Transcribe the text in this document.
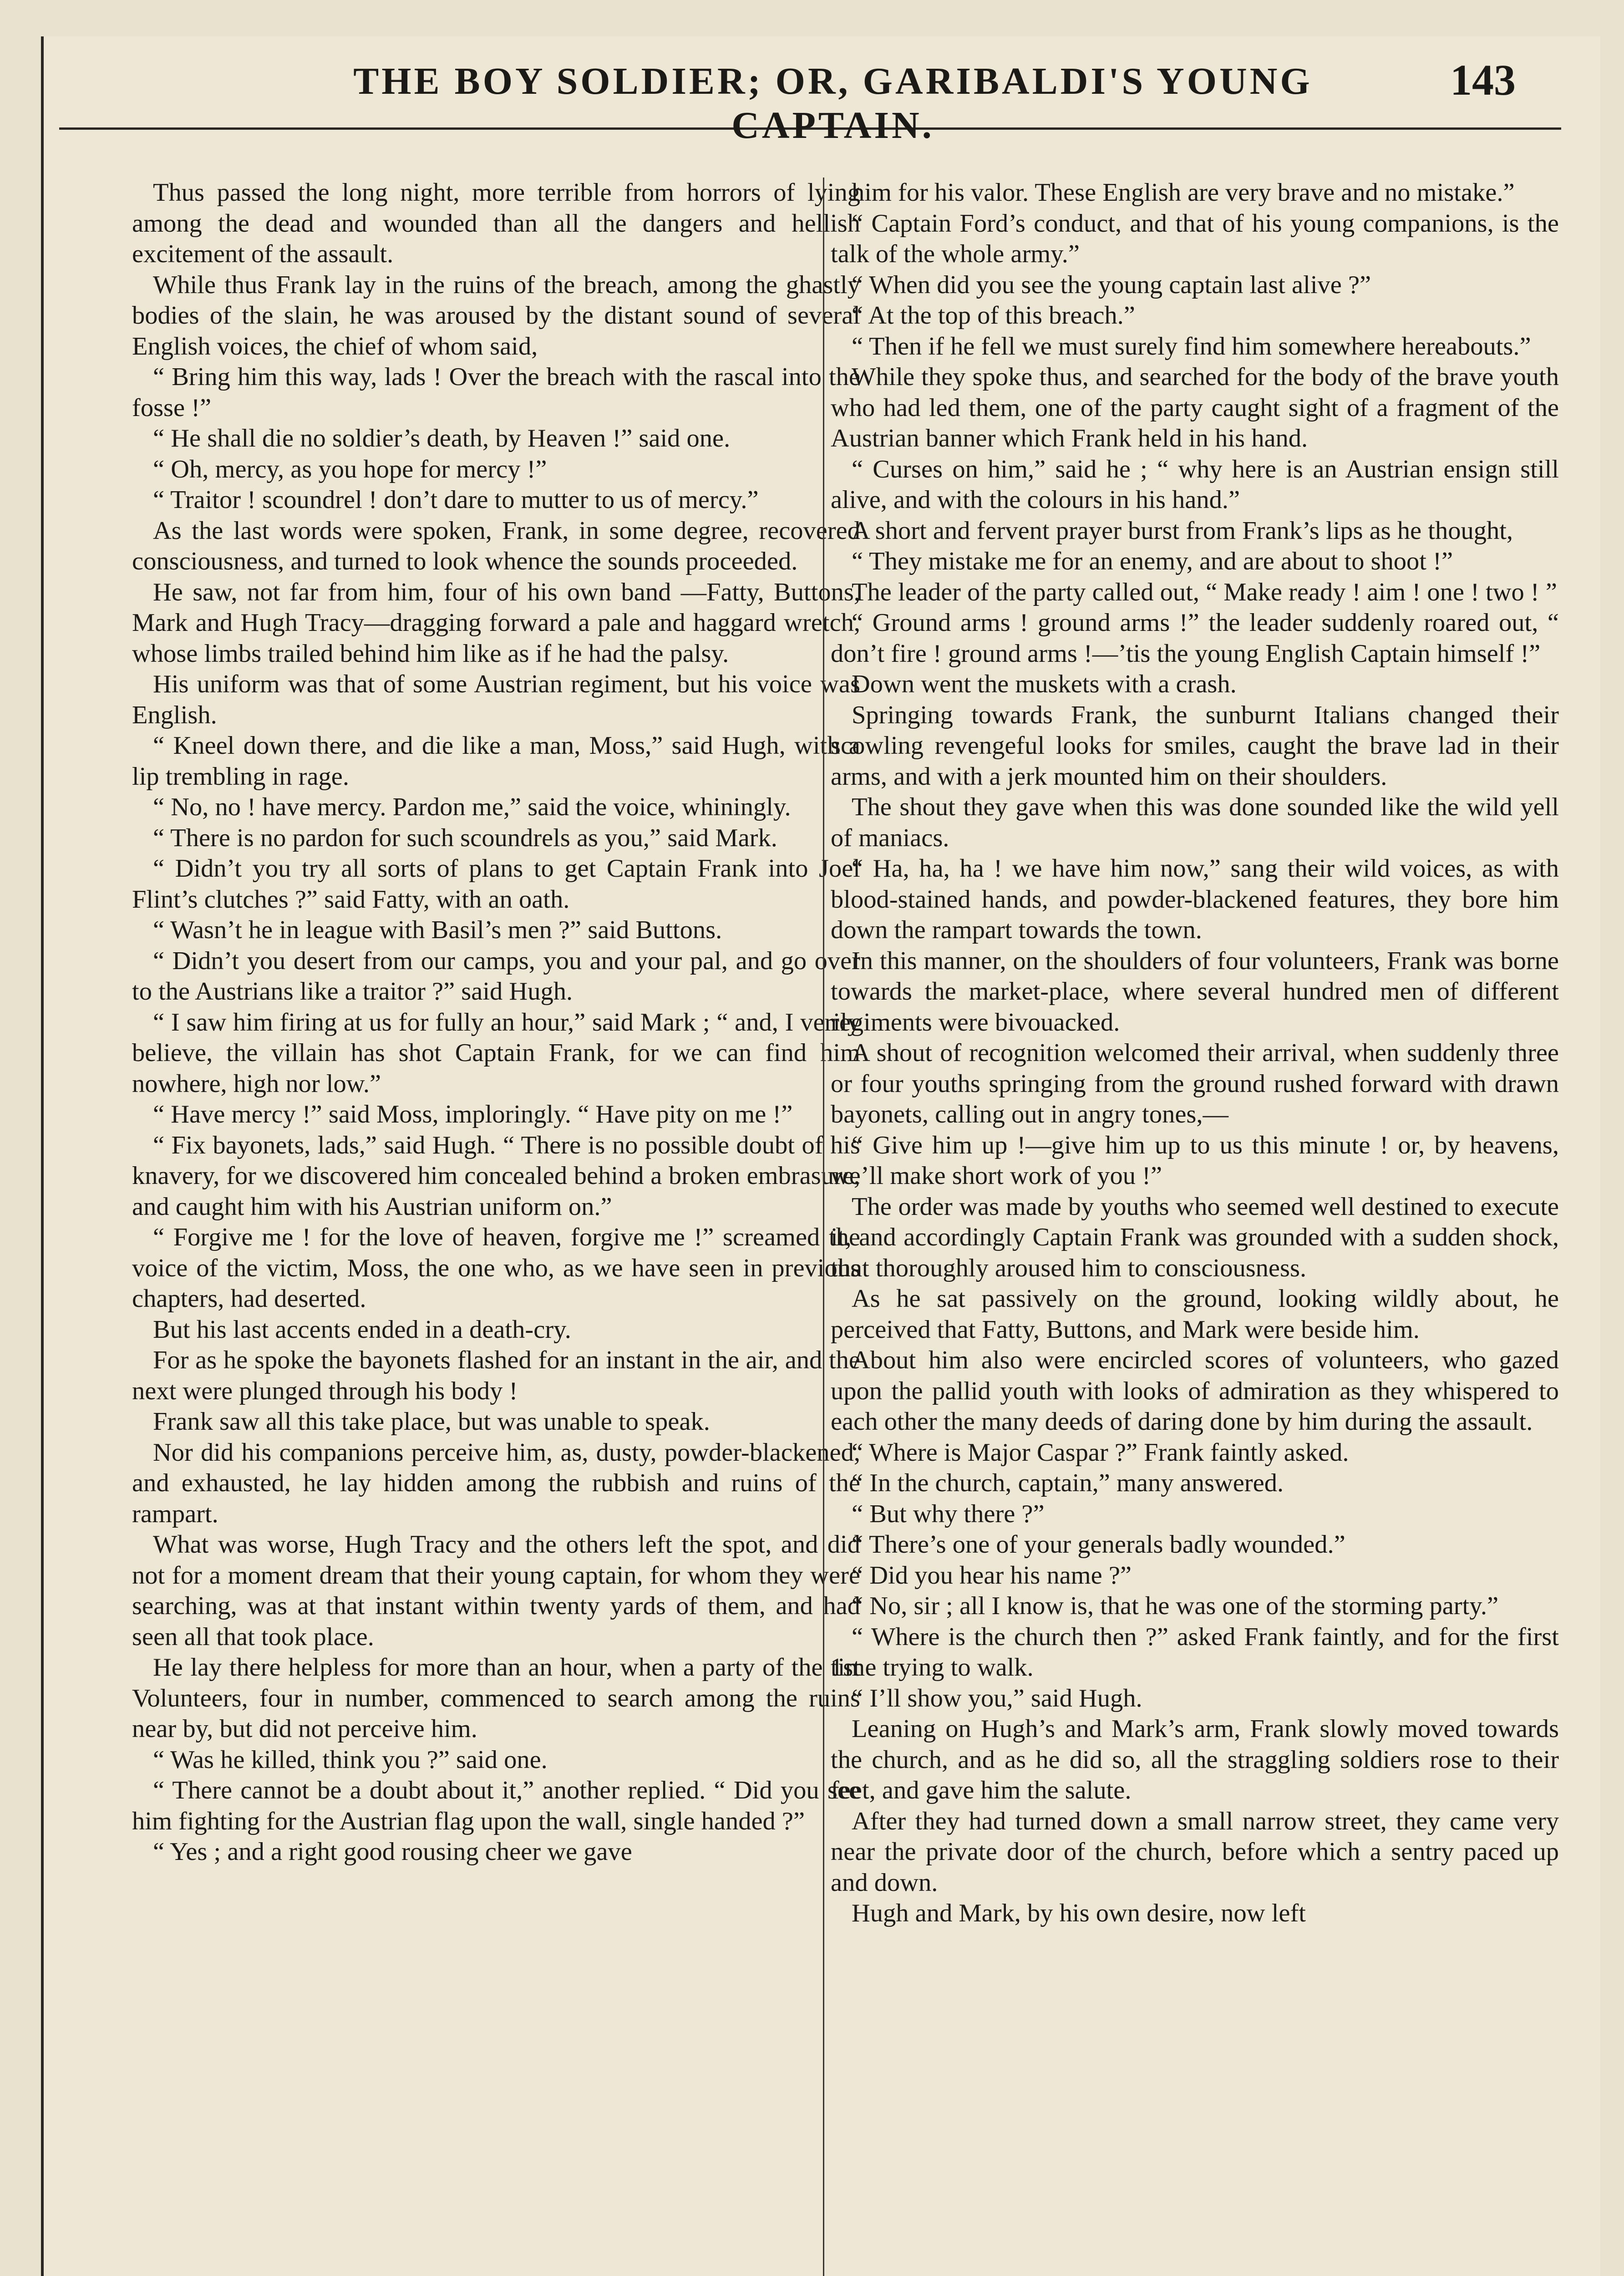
THE BOY SOLDIER; OR, GARIBALDI'S YOUNG CAPTAIN.
143

Thus passed the long night, more terrible from horrors of lying among the dead and wounded than all the dangers and hellish excitement of the assault.

While thus Frank lay in the ruins of the breach, among the ghastly bodies of the slain, he was aroused by the distant sound of several English voices, the chief of whom said,

“ Bring him this way, lads ! Over the breach with the rascal into the fosse !”

“ He shall die no soldier’s death, by Heaven !” said one.

“ Oh, mercy, as you hope for mercy !”

“ Traitor ! scoundrel ! don’t dare to mutter to us of mercy.”

As the last words were spoken, Frank, in some degree, recovered consciousness, and turned to look whence the sounds proceeded.

He saw, not far from him, four of his own band —Fatty, Buttons, Mark and Hugh Tracy—dragging forward a pale and haggard wretch, whose limbs trailed behind him like as if he had the palsy.

His uniform was that of some Austrian regiment, but his voice was English.

“ Kneel down there, and die like a man, Moss,” said Hugh, with a lip trembling in rage.

“ No, no ! have mercy. Pardon me,” said the voice, whiningly.

“ There is no pardon for such scoundrels as you,” said Mark.

“ Didn’t you try all sorts of plans to get Captain Frank into Joel Flint’s clutches ?” said Fatty, with an oath.

“ Wasn’t he in league with Basil’s men ?” said Buttons.

“ Didn’t you desert from our camps, you and your pal, and go over to the Austrians like a traitor ?” said Hugh.

“ I saw him firing at us for fully an hour,” said Mark ; “ and, I verily believe, the villain has shot Captain Frank, for we can find him nowhere, high nor low.”

“ Have mercy !” said Moss, imploringly. “ Have pity on me !”

“ Fix bayonets, lads,” said Hugh. “ There is no possible doubt of his knavery, for we discovered him concealed behind a broken embrasure, and caught him with his Austrian uniform on.”

“ Forgive me ! for the love of heaven, forgive me !” screamed the voice of the victim, Moss, the one who, as we have seen in previous chapters, had deserted.

But his last accents ended in a death-cry.

For as he spoke the bayonets flashed for an instant in the air, and the next were plunged through his body !

Frank saw all this take place, but was unable to speak.

Nor did his companions perceive him, as, dusty, powder-blackened, and exhausted, he lay hidden among the rubbish and ruins of the rampart.

What was worse, Hugh Tracy and the others left the spot, and did not for a moment dream that their young captain, for whom they were searching, was at that instant within twenty yards of them, and had seen all that took place.

He lay there helpless for more than an hour, when a party of the 1st Volunteers, four in number, commenced to search among the ruins near by, but did not perceive him.

“ Was he killed, think you ?” said one.

“ There cannot be a doubt about it,” another replied. “ Did you see him fighting for the Austrian flag upon the wall, single handed ?”

“ Yes ; and a right good rousing cheer we gave

him for his valor. These English are very brave and no mistake.”

“ Captain Ford’s conduct, and that of his young companions, is the talk of the whole army.”

“ When did you see the young captain last alive ?”

“ At the top of this breach.”

“ Then if he fell we must surely find him somewhere hereabouts.”

While they spoke thus, and searched for the body of the brave youth who had led them, one of the party caught sight of a fragment of the Austrian banner which Frank held in his hand.

“ Curses on him,” said he ; “ why here is an Austrian ensign still alive, and with the colours in his hand.”

A short and fervent prayer burst from Frank’s lips as he thought,

“ They mistake me for an enemy, and are about to shoot !”

The leader of the party called out, “ Make ready ! aim ! one ! two ! ”

“ Ground arms ! ground arms !” the leader suddenly roared out, “ don’t fire ! ground arms !—’tis the young English Captain himself !”

Down went the muskets with a crash.

Springing towards Frank, the sunburnt Italians changed their scowling revengeful looks for smiles, caught the brave lad in their arms, and with a jerk mounted him on their shoulders.

The shout they gave when this was done sounded like the wild yell of maniacs.

“ Ha, ha, ha ! we have him now,” sang their wild voices, as with blood-stained hands, and powder-blackened features, they bore him down the rampart towards the town.

In this manner, on the shoulders of four volunteers, Frank was borne towards the market-place, where several hundred men of different regiments were bivouacked.

A shout of recognition welcomed their arrival, when suddenly three or four youths springing from the ground rushed forward with drawn bayonets, calling out in angry tones,—

“ Give him up !—give him up to us this minute ! or, by heavens, we’ll make short work of you !”

The order was made by youths who seemed well destined to execute it, and accordingly Captain Frank was grounded with a sudden shock, that thoroughly aroused him to consciousness.

As he sat passively on the ground, looking wildly about, he perceived that Fatty, Buttons, and Mark were beside him.

About him also were encircled scores of volunteers, who gazed upon the pallid youth with looks of admiration as they whispered to each other the many deeds of daring done by him during the assault.

“ Where is Major Caspar ?” Frank faintly asked.

“ In the church, captain,” many answered.

“ But why there ?”

“ There’s one of your generals badly wounded.”

“ Did you hear his name ?”

“ No, sir ; all I know is, that he was one of the storming party.”

“ Where is the church then ?” asked Frank faintly, and for the first time trying to walk.

“ I’ll show you,” said Hugh.

Leaning on Hugh’s and Mark’s arm, Frank slowly moved towards the church, and as he did so, all the straggling soldiers rose to their feet, and gave him the salute.

After they had turned down a small narrow street, they came very near the private door of the church, before which a sentry paced up and down.

Hugh and Mark, by his own desire, now left
